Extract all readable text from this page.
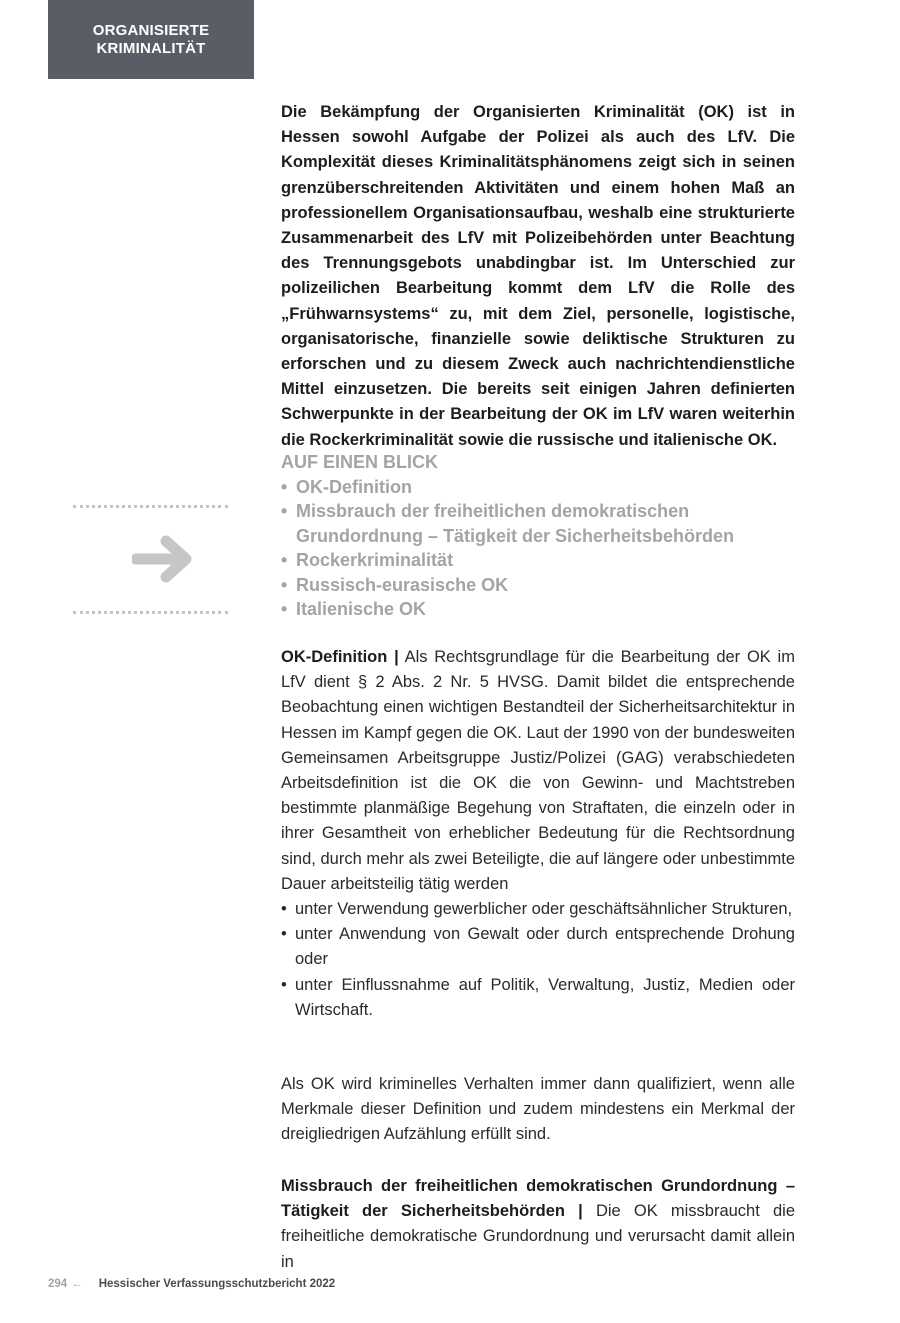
ORGANISIERTE
KRIMINALITÄT

Die Bekämpfung der Organisierten Kriminalität (OK) ist in Hessen sowohl Aufgabe der Polizei als auch des LfV. Die Komplexität dieses Kriminalitätsphänomens zeigt sich in seinen grenzüberschreitenden Aktivitäten und einem hohen Maß an professionellem Organisationsaufbau, weshalb eine strukturierte Zusammenarbeit des LfV mit Polizeibehörden unter Beachtung des Trennungsgebots unabdingbar ist. Im Unterschied zur polizeilichen Bearbeitung kommt dem LfV die Rolle des „Frühwarnsystems“ zu, mit dem Ziel, personelle, logistische, organisatorische, finanzielle sowie deliktische Strukturen zu erforschen und zu diesem Zweck auch nachrichtendienstliche Mittel einzusetzen. Die bereits seit einigen Jahren definierten Schwerpunkte in der Bearbeitung der OK im LfV waren weiterhin die Rockerkriminalität sowie die russische und italienische OK.

AUF EINEN BLICK

• OK-Definition
• Missbrauch der freiheitlichen demokratischen Grundordnung – Tätigkeit der Sicherheitsbehörden
• Rockerkriminalität
• Russisch-eurasische OK
• Italienische OK

OK-Definition | Als Rechtsgrundlage für die Bearbeitung der OK im LfV dient § 2 Abs. 2 Nr. 5 HVSG. Damit bildet die entsprechende Beobachtung einen wichtigen Bestandteil der Sicherheitsarchitektur in Hessen im Kampf gegen die OK. Laut der 1990 von der bundesweiten Gemeinsamen Arbeitsgruppe Justiz/Polizei (GAG) verabschiedeten Arbeitsdefinition ist die OK die von Gewinn- und Machtstreben bestimmte planmäßige Begehung von Straftaten, die einzeln oder in ihrer Gesamtheit von erheblicher Bedeutung für die Rechtsordnung sind, durch mehr als zwei Beteiligte, die auf längere oder unbestimmte Dauer arbeitsteilig tätig werden

• unter Verwendung gewerblicher oder geschäftsähnlicher Strukturen,
• unter Anwendung von Gewalt oder durch entsprechende Drohung oder
• unter Einflussnahme auf Politik, Verwaltung, Justiz, Medien oder Wirtschaft.

Als OK wird kriminelles Verhalten immer dann qualifiziert, wenn alle Merkmale dieser Definition und zudem mindestens ein Merkmal der dreigliedrigen Aufzählung erfüllt sind.

Missbrauch der freiheitlichen demokratischen Grundordnung – Tätigkeit der Sicherheitsbehörden | Die OK missbraucht die freiheitliche demokratische Grundordnung und verursacht damit allein in

294 ← Hessischer Verfassungsschutzbericht 2022
